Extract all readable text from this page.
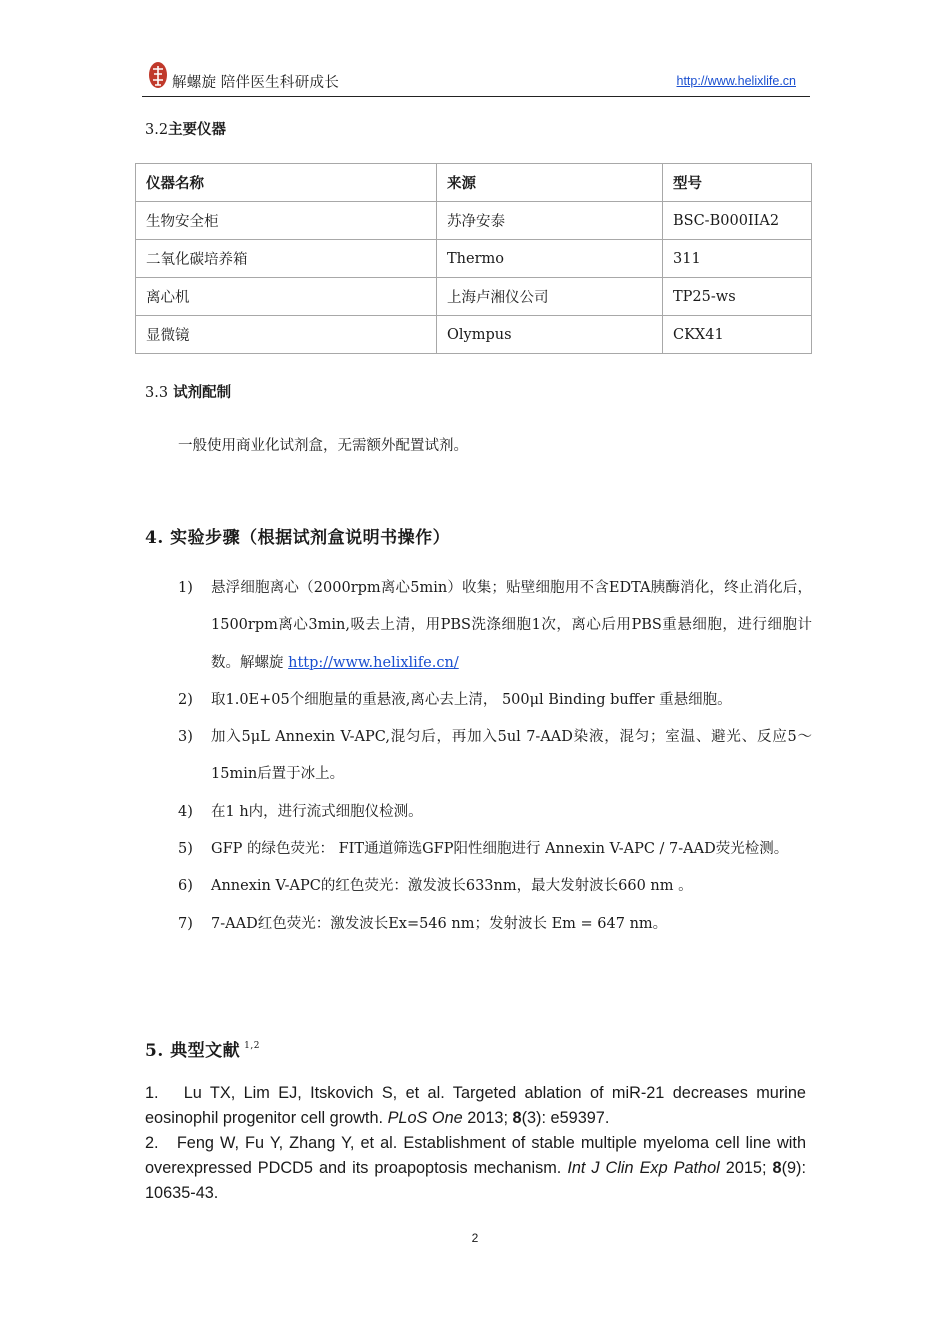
解螺旋 陪伴医生科研成长	http://www.helixlife.cn
3.2主要仪器
仪器名称	来源	型号
生物安全柜	苏净安泰	BSC-B000IIA2
二氧化碳培养箱	Thermo	311
离心机	上海卢湘仪公司	TP25-ws
显微镜	Olympus	CKX41
3.3 试剂配制
一般使用商业化试剂盒，无需额外配置试剂。
4. 实验步骤（根据试剂盒说明书操作）
1) 悬浮细胞离心（2000rpm离心5min）收集；贴壁细胞用不含EDTA胰酶消化，终止消化后，1500rpm离心3min,吸去上清，用PBS洗涤细胞1次，离心后用PBS重悬细胞，进行细胞计数。解螺旋 http://www.helixlife.cn/
2) 取1.0E+05个细胞量的重悬液,离心去上清， 500μl Binding buffer 重悬细胞。
3) 加入5μL Annexin V-APC,混匀后，再加入5ul 7-AAD染液，混匀；室温、避光、反应5～15min后置于冰上。
4) 在1 h内，进行流式细胞仪检测。
5) GFP 的绿色荧光： FIT通道筛选GFP阳性细胞进行 Annexin V-APC / 7-AAD荧光检测。
6) Annexin V-APC的红色荧光：激发波长633nm，最大发射波长660 nm 。
7) 7-AAD红色荧光：激发波长Ex=546 nm；发射波长 Em = 647 nm。
5. 典型文献 $^{1,2}$

1. Lu TX, Lim EJ, Itskovich S, et al. Targeted ablation of miR-21 decreases murine eosinophil progenitor cell growth. PLoS One 2013; 8(3): e59397.

2. Feng W, Fu Y, Zhang Y, et al. Establishment of stable multiple myeloma cell line with overexpressed PDCD5 and its proapoptosis mechanism. Int J Clin Exp Pathol 2015; 8(9): 10635-43.

2
